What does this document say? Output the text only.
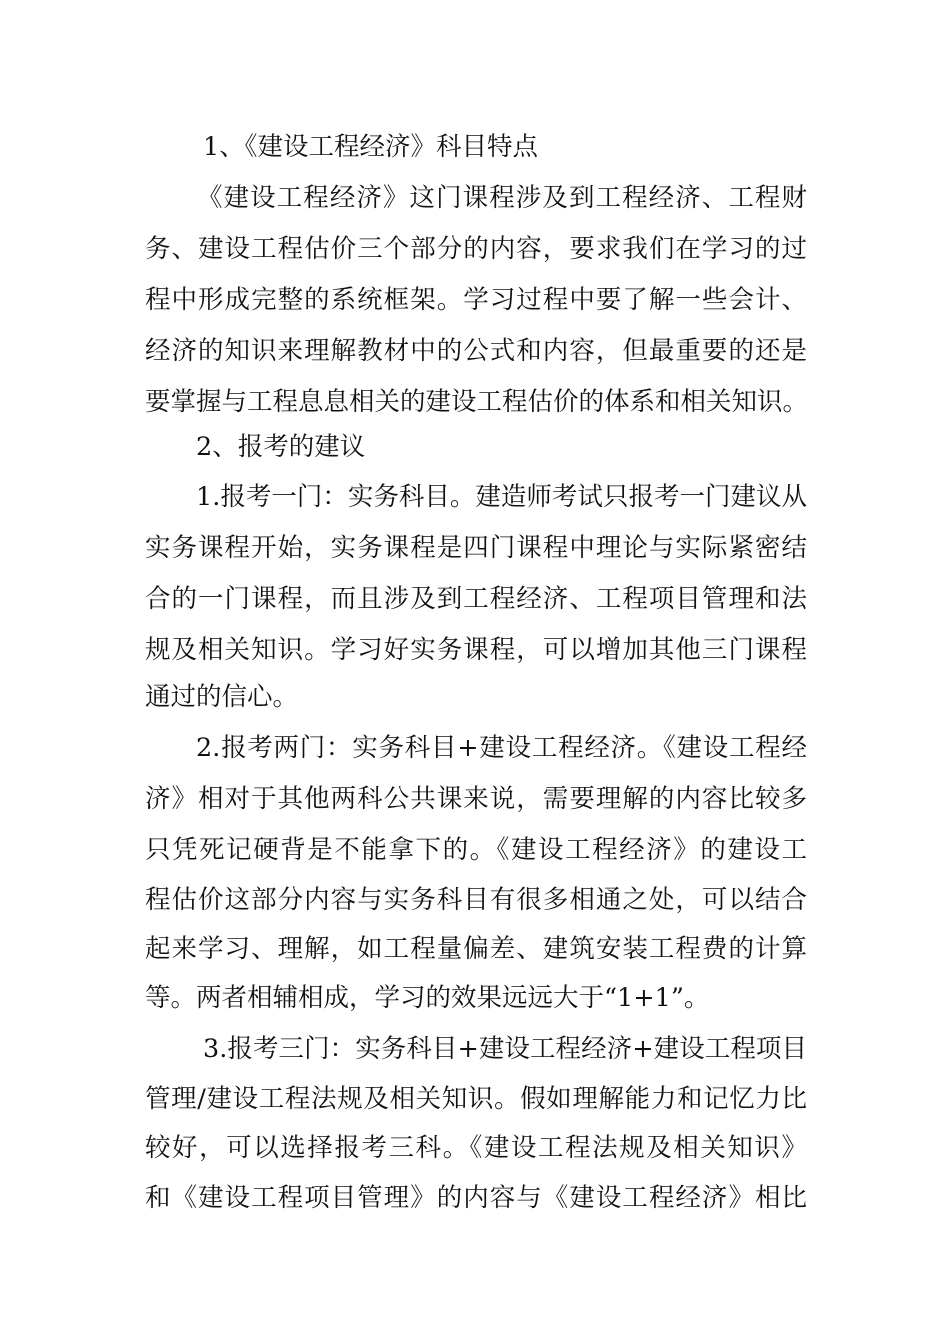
1、《建设工程经济》科目特点
《建设工程经济》这门课程涉及到工程经济、工程财
务、建设工程估价三个部分的内容，要求我们在学习的过
程中形成完整的系统框架。学习过程中要了解一些会计、
经济的知识来理解教材中的公式和内容，但最重要的还是
要掌握与工程息息相关的建设工程估价的体系和相关知识。
2、报考的建议
1.报考一门：实务科目。建造师考试只报考一门建议从
实务课程开始，实务课程是四门课程中理论与实际紧密结
合的一门课程，而且涉及到工程经济、工程项目管理和法
规及相关知识。学习好实务课程，可以增加其他三门课程
通过的信心。
2.报考两门：实务科目+建设工程经济。《建设工程经
济》相对于其他两科公共课来说，需要理解的内容比较多
只凭死记硬背是不能拿下的。《建设工程经济》的建设工
程估价这部分内容与实务科目有很多相通之处，可以结合
起来学习、理解，如工程量偏差、建筑安装工程费的计算
等。两者相辅相成，学习的效果远远大于“1+1”。
3.报考三门：实务科目+建设工程经济+建设工程项目
管理/建设工程法规及相关知识。假如理解能力和记忆力比
较好，可以选择报考三科。《建设工程法规及相关知识》
和《建设工程项目管理》的内容与《建设工程经济》相比
